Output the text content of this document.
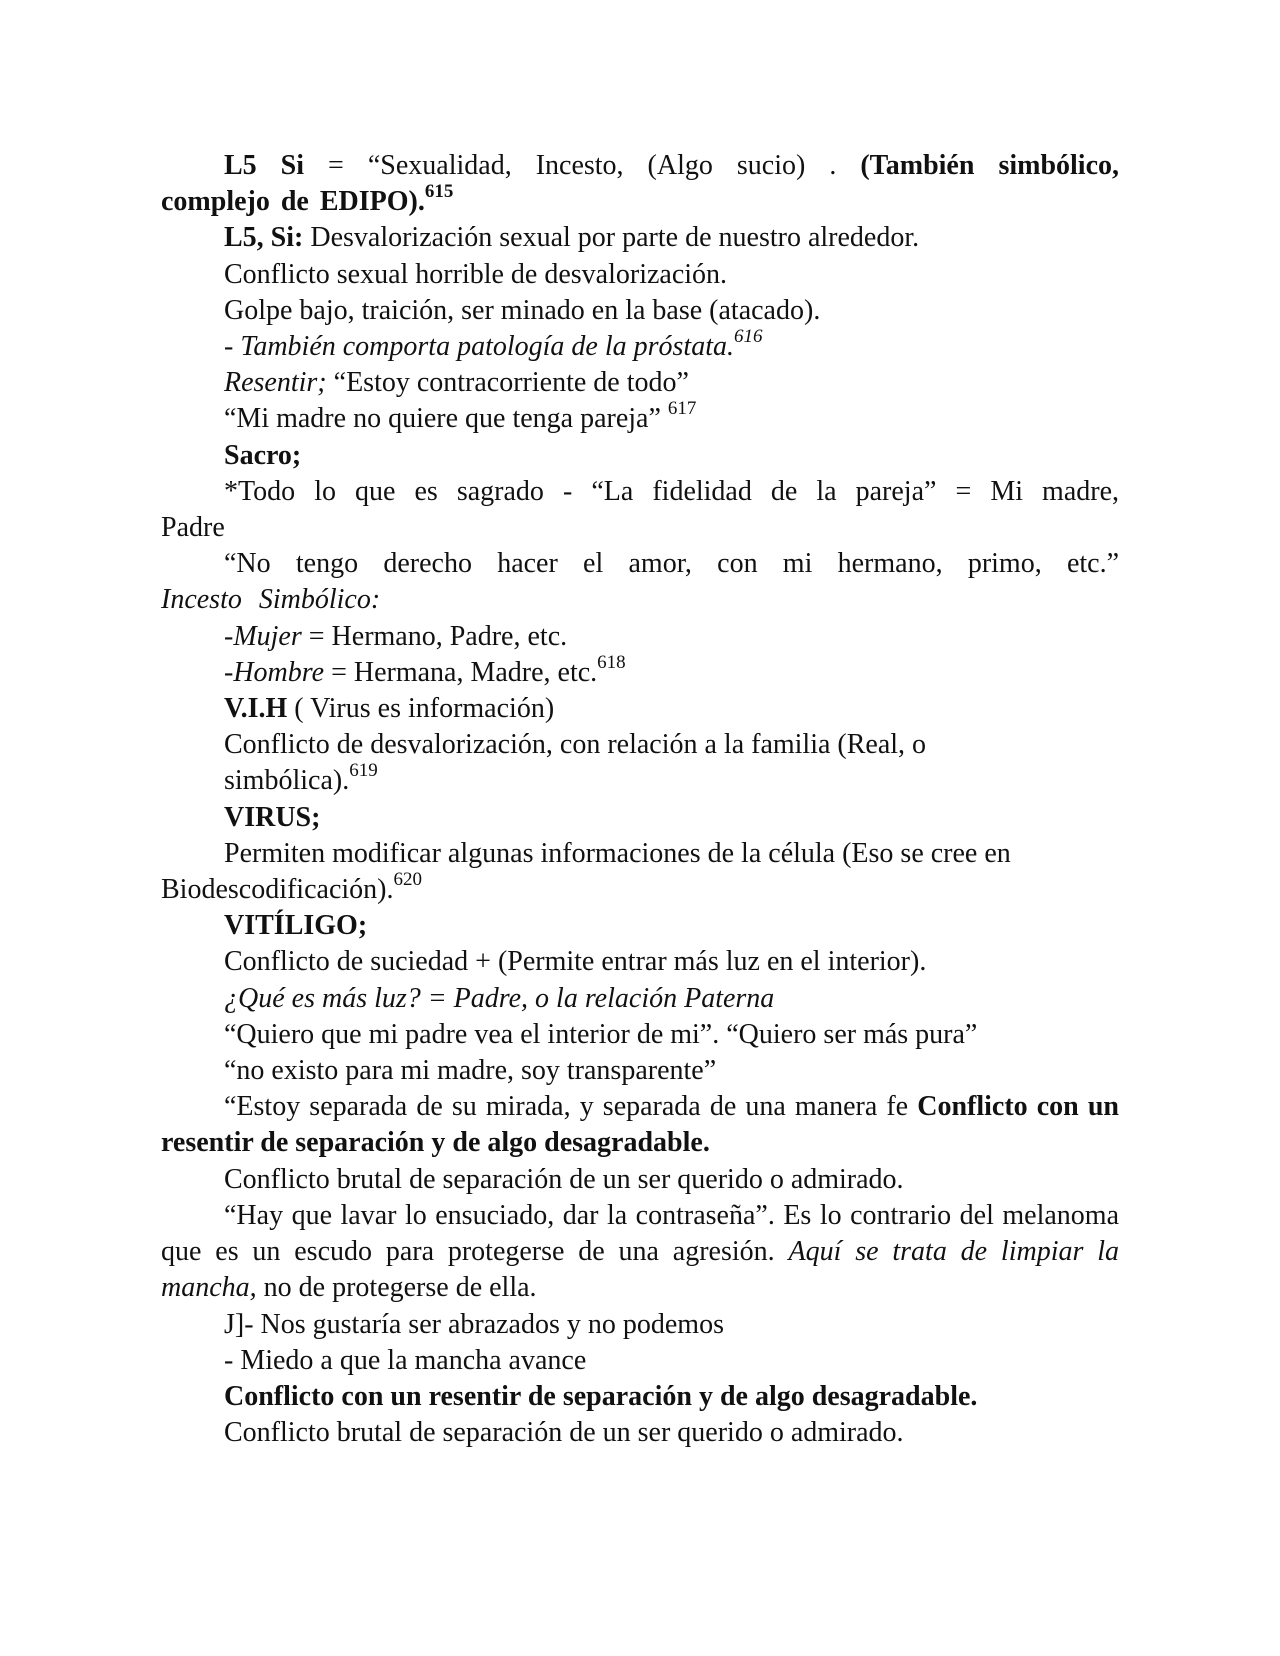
L5 Si = “Sexualidad, Incesto, (Algo sucio) . (También simbólico, complejo de EDIPO).$^{615}$

L5, Si: Desvalorización sexual por parte de nuestro alrededor.

Conflicto sexual horrible de desvalorización.

Golpe bajo, traición, ser minado en la base (atacado).

- También comporta patología de la próstata.$^{616}$

Resentir; “Estoy contracorriente de todo”

“Mi madre no quiere que tenga pareja” $^{617}$

Sacro;

*Todo lo que es sagrado - “La fidelidad de la pareja” = Mi madre, Padre

“No tengo derecho hacer el amor, con mi hermano, primo, etc.” Incesto Simbólico:

-Mujer = Hermano, Padre, etc.

-Hombre = Hermana, Madre, etc.$^{618}$

V.I.H ( Virus es información)

Conflicto de desvalorización, con relación a la familia (Real, o simbólica).$^{619}$

VIRUS;

Permiten modificar algunas informaciones de la célula (Eso se cree en Biodescodificación).$^{620}$

VITÍLIGO;

Conflicto de suciedad + (Permite entrar más luz en el interior).

¿Qué es más luz? = Padre, o la relación Paterna

“Quiero que mi padre vea el interior de mi”. “Quiero ser más pura”

“no existo para mi madre, soy transparente”

“Estoy separada de su mirada, y separada de una manera fe Conflicto con un resentir de separación y de algo desagradable.

Conflicto brutal de separación de un ser querido o admirado.

“Hay que lavar lo ensuciado, dar la contraseña”. Es lo contrario del melanoma que es un escudo para protegerse de una agresión. Aquí se trata de limpiar la mancha, no de protegerse de ella.

J]- Nos gustaría ser abrazados y no podemos

- Miedo a que la mancha avance

Conflicto con un resentir de separación y de algo desagradable.

Conflicto brutal de separación de un ser querido o admirado.
